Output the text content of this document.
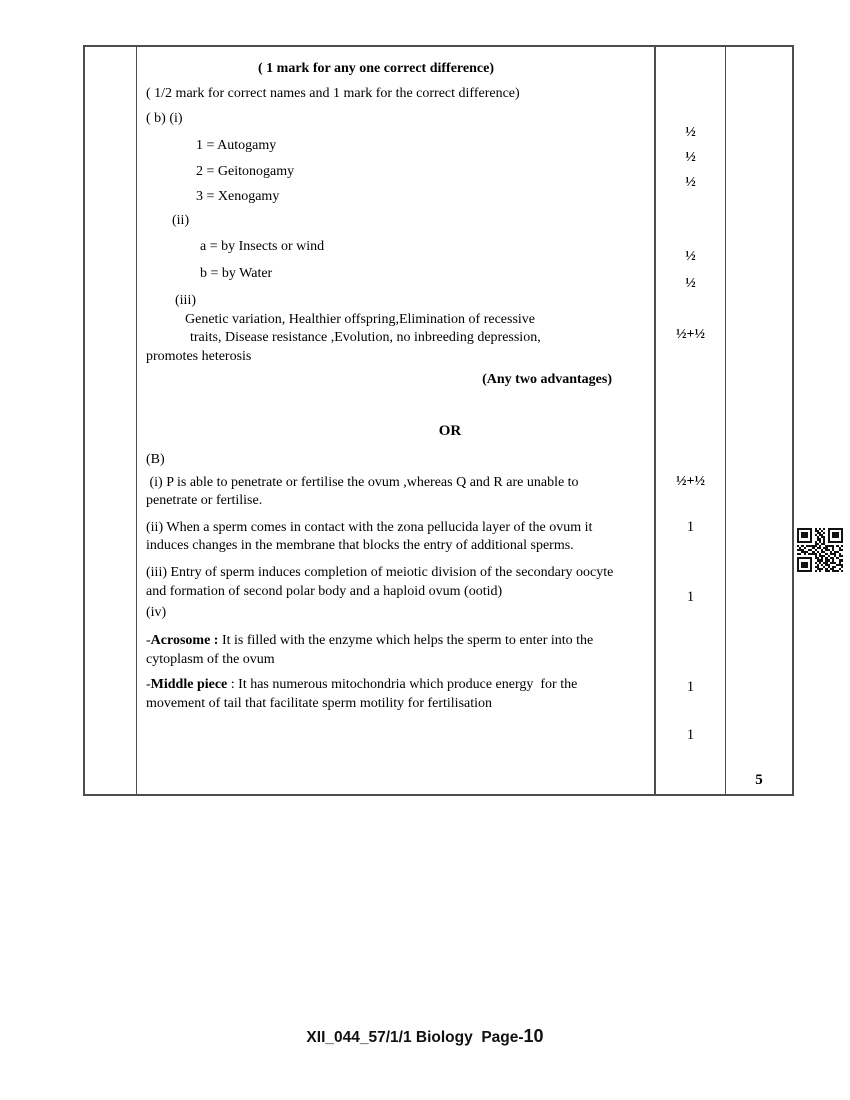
( 1 mark for any one correct difference)

( 1/2 mark for correct names and 1 mark for the correct difference)

( b) (i)

1 = Autogamy

2 = Geitonogamy

3 = Xenogamy

(ii)

a = by Insects or wind

b = by Water

(iii)

Genetic variation, Healthier offspring,Elimination of recessive

traits, Disease resistance ,Evolution, no inbreeding depression,

promotes heterosis

(Any two advantages)

OR

(B)

(i) P is able to penetrate or fertilise the ovum ,whereas Q and R are unable to penetrate or fertilise.

(ii) When a sperm comes in contact with the zona pellucida layer of the ovum it induces changes in the membrane that blocks the entry of additional sperms.

(iii) Entry of sperm induces completion of meiotic division of the secondary oocyte and formation of second polar body and a haploid ovum (ootid)

(iv)

-Acrosome : It is filled with the enzyme which helps the sperm to enter into the cytoplasm of the ovum

-Middle piece : It has numerous mitochondria which produce energy  for the  movement of tail that facilitate sperm motility for fertilisation

½
½
½
½
½
½+½
½+½
1
1
1
1
5
XII_044_57/1/1 Biology  Page-10
